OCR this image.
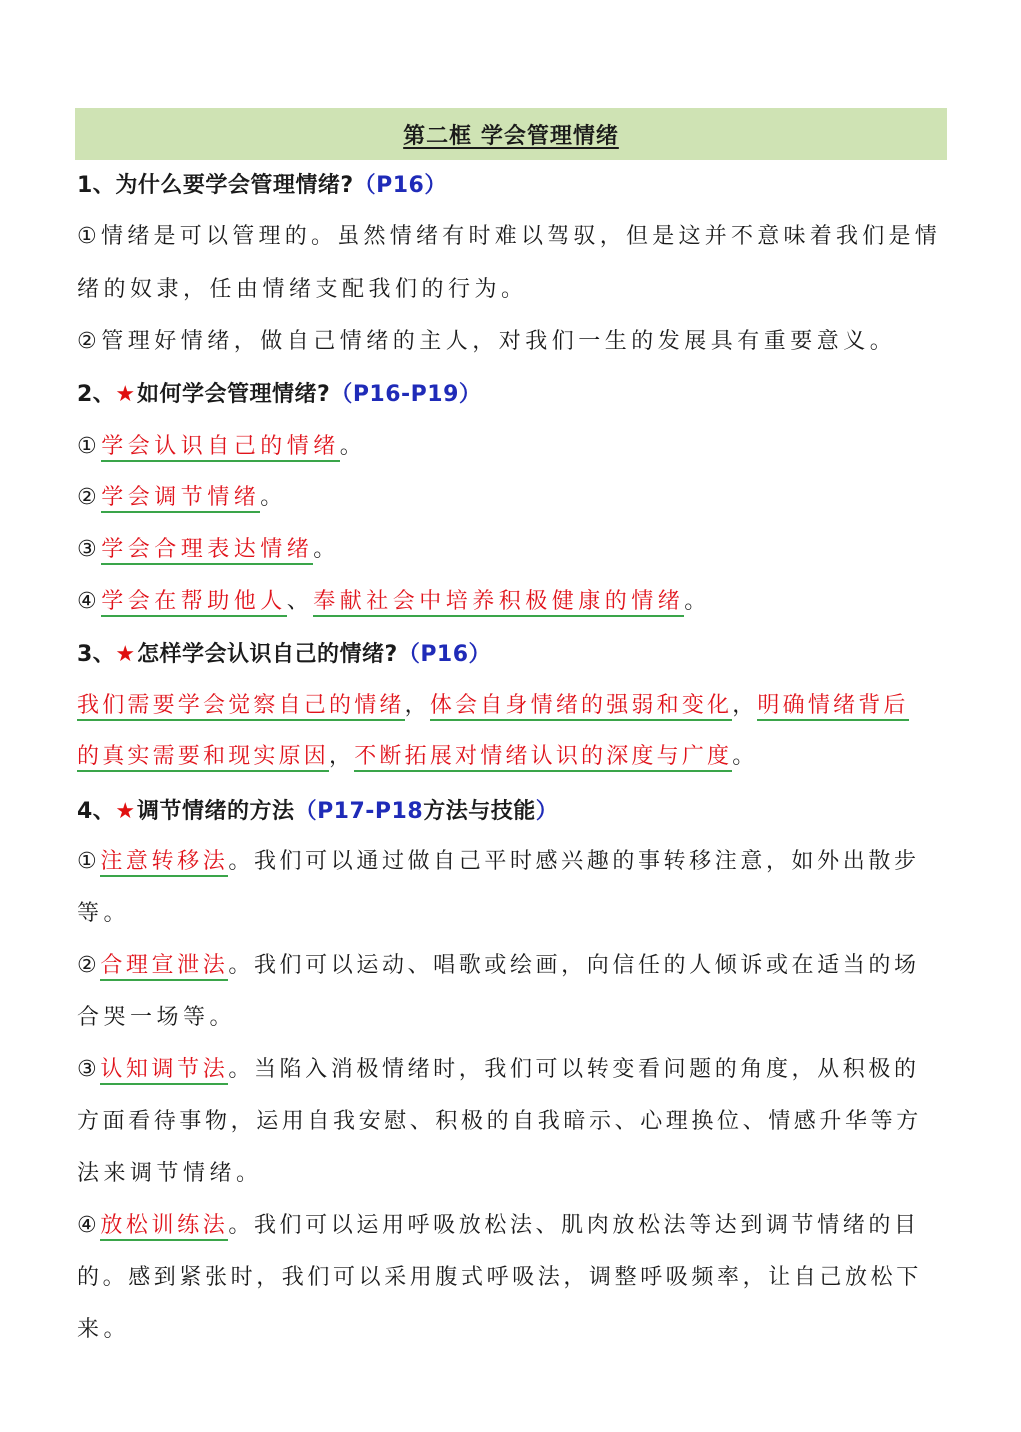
第二框 学会管理情绪
1、为什么要学会管理情绪?（P16）
①情绪是可以管理的。虽然情绪有时难以驾驭，但是这并不意味着我们是情
绪的奴隶，任由情绪支配我们的行为。
②管理好情绪，做自己情绪的主人，对我们一生的发展具有重要意义。
2、★如何学会管理情绪?（P16-P19）
①学会认识自己的情绪。
②学会调节情绪。
③学会合理表达情绪。
④学会在帮助他人、奉献社会中培养积极健康的情绪。
3、★怎样学会认识自己的情绪?（P16）
我们需要学会觉察自己的情绪，体会自身情绪的强弱和变化，明确情绪背后
的真实需要和现实原因，不断拓展对情绪认识的深度与广度。
4、★调节情绪的方法（P17-P18方法与技能）
①注意转移法。我们可以通过做自己平时感兴趣的事转移注意，如外出散步
等。
②合理宣泄法。我们可以运动、唱歌或绘画，向信任的人倾诉或在适当的场
合哭一场等。
③认知调节法。当陷入消极情绪时，我们可以转变看问题的角度，从积极的
方面看待事物，运用自我安慰、积极的自我暗示、心理换位、情感升华等方
法来调节情绪。
④放松训练法。我们可以运用呼吸放松法、肌肉放松法等达到调节情绪的目
的。感到紧张时，我们可以采用腹式呼吸法，调整呼吸频率，让自己放松下
来。
